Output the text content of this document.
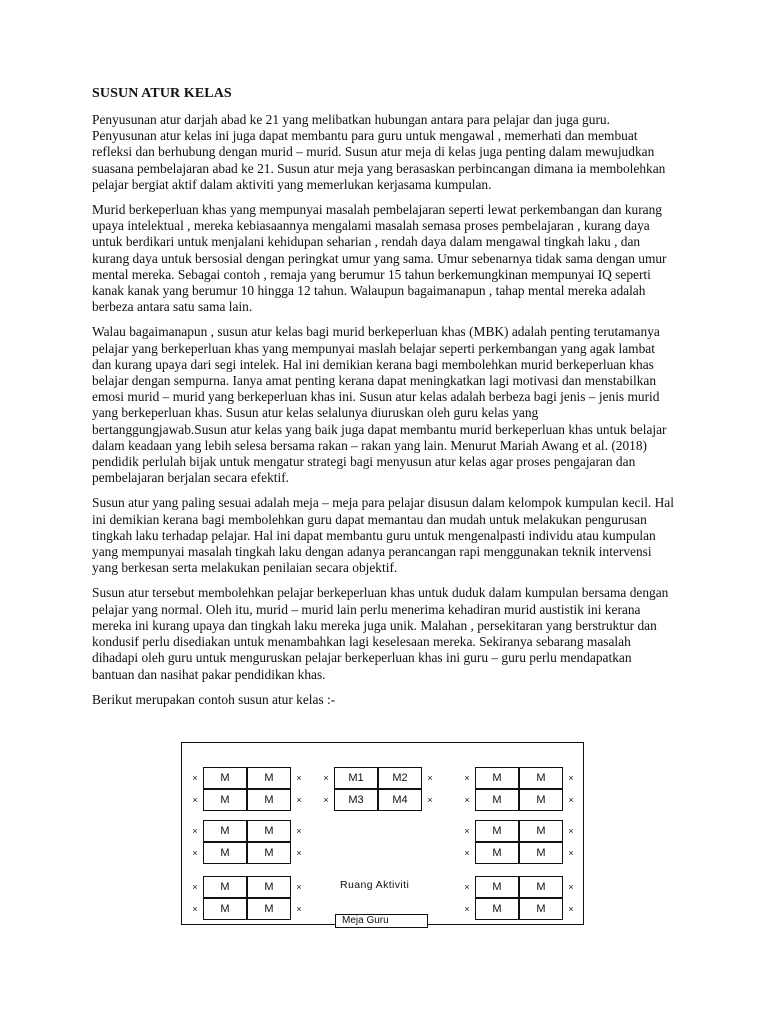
SUSUN ATUR KELAS

Penyusunan atur darjah abad ke 21 yang melibatkan hubungan antara para pelajar dan juga guru. Penyusunan atur kelas ini juga dapat membantu para guru untuk mengawal , memerhati dan membuat refleksi dan berhubung dengan murid – murid. Susun atur meja di kelas juga penting dalam mewujudkan suasana pembelajaran abad ke 21. Susun atur meja yang berasaskan perbincangan dimana ia membolehkan pelajar bergiat aktif dalam aktiviti yang memerlukan kerjasama kumpulan.

Murid berkeperluan khas yang mempunyai masalah pembelajaran seperti lewat perkembangan dan kurang upaya intelektual , mereka kebiasaannya mengalami masalah semasa proses pembelajaran , kurang daya untuk berdikari untuk menjalani kehidupan seharian , rendah daya dalam mengawal tingkah laku , dan kurang daya untuk bersosial dengan peringkat umur yang sama. Umur sebenarnya tidak sama dengan umur mental mereka. Sebagai contoh , remaja yang berumur 15 tahun berkemungkinan mempunyai IQ seperti kanak kanak yang berumur 10 hingga 12 tahun. Walaupun bagaimanapun , tahap mental mereka adalah berbeza antara satu sama lain.

Walau bagaimanapun , susun atur kelas bagi murid berkeperluan khas (MBK) adalah penting terutamanya pelajar yang berkeperluan khas yang mempunyai maslah belajar seperti perkembangan yang agak lambat dan kurang upaya dari segi intelek. Hal ini demikian kerana bagi membolehkan murid berkeperluan khas belajar dengan sempurna. Ianya amat penting kerana dapat meningkatkan lagi motivasi dan menstabilkan emosi murid – murid yang berkeperluan khas ini. Susun atur kelas adalah berbeza bagi jenis – jenis murid yang berkeperluan khas. Susun atur kelas selalunya diuruskan oleh guru kelas yang bertanggungjawab.Susun atur kelas yang baik juga dapat membantu murid berkeperluan khas untuk belajar dalam keadaan yang lebih selesa bersama rakan – rakan yang lain. Menurut Mariah Awang et al. (2018) pendidik perlulah bijak untuk mengatur strategi bagi menyusun atur kelas agar proses pengajaran dan pembelajaran berjalan secara efektif.

Susun atur yang paling sesuai adalah meja – meja para pelajar disusun dalam kelompok kumpulan kecil. Hal ini demikian kerana bagi membolehkan guru dapat memantau dan mudah untuk melakukan pengurusan tingkah laku terhadap pelajar. Hal ini dapat membantu guru untuk mengenalpasti individu atau kumpulan yang mempunyai masalah tingkah laku dengan adanya perancangan rapi menggunakan teknik intervensi yang berkesan serta melakukan penilaian secara objektif.

Susun atur tersebut membolehkan pelajar berkeperluan khas untuk duduk dalam kumpulan bersama dengan pelajar yang normal. Oleh itu, murid – murid lain perlu menerima kehadiran murid austistik ini kerana mereka ini kurang upaya dan tingkah laku mereka juga unik. Malahan , persekitaran yang berstruktur dan kondusif perlu disediakan untuk menambahkan lagi keselesaan mereka. Sekiranya sebarang masalah dihadapi oleh guru untuk menguruskan pelajar berkeperluan khas ini guru – guru perlu mendapatkan bantuan dan nasihat pakar pendidikan khas.

Berikut merupakan contoh susun atur kelas :-

Ruang Aktiviti
Meja Guru
M	M
M	M
×	×
×	×
M1	M2
M3	M4
×	×
×	×
M	M
M	M
×	×
×	×
M	M
M	M
×	×
×	×
M	M
M	M
×	×
×	×
M	M
M	M
×	×
×	×
M	M
M	M
×	×
×	×
